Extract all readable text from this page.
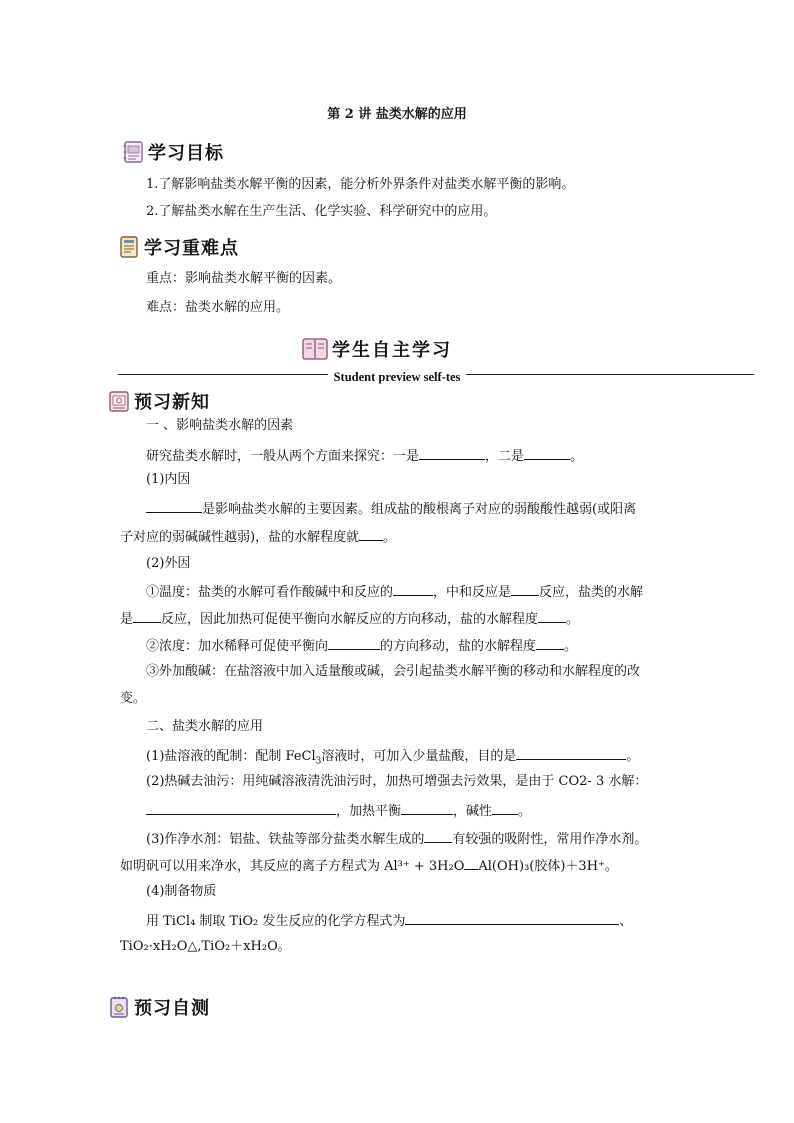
第 2 讲 盐类水解的应用
学习目标
1.了解影响盐类水解平衡的因素，能分析外界条件对盐类水解平衡的影响。
2.了解盐类水解在生产生活、化学实验、科学研究中的应用。
学习重难点
重点：影响盐类水解平衡的因素。
难点：盐类水解的应用。
学生自主学习
Student preview self-tes
预习新知
一 、影响盐类水解的因素
研究盐类水解时，一般从两个方面来探究：一是	，二是	。
(1)内因
是影响盐类水解的主要因素。组成盐的酸根离子对应的弱酸酸性越弱(或阳离
子对应的弱碱碱性越弱)，盐的水解程度就 。
(2)外因
①温度：盐类的水解可看作酸碱中和反应的	，中和反应是 反应，盐类的水解
是 反应，因此加热可促使平衡向水解反应的方向移动，盐的水解程度 。
②浓度：加水稀释可促使平衡向	的方向移动，盐的水解程度 。
③外加酸碱：在盐溶液中加入适量酸或碱，会引起盐类水解平衡的移动和水解程度的改
变。
二、盐类水解的应用
(1)盐溶液的配制：配制 FeCl$_3$溶液时，可加入少量盐酸，目的是	。
(2)热碱去油污：用纯碱溶液清洗油污时，加热可增强去污效果，是由于 CO2- 3 水解：
，加热平衡	，碱性 。
(3)作净水剂：铝盐、铁盐等部分盐类水解生成的 有较强的吸附性，常用作净水剂。
如明矾可以用来净水，其反应的离子方程式为 Al³⁺ + 3H₂O Al(OH)₃(胶体)＋3H⁺。
(4)制备物质
用 TiCl₄ 制取 TiO₂ 发生反应的化学方程式为	、
TiO₂·xH₂O△,TiO₂＋xH₂O。
预习自测
